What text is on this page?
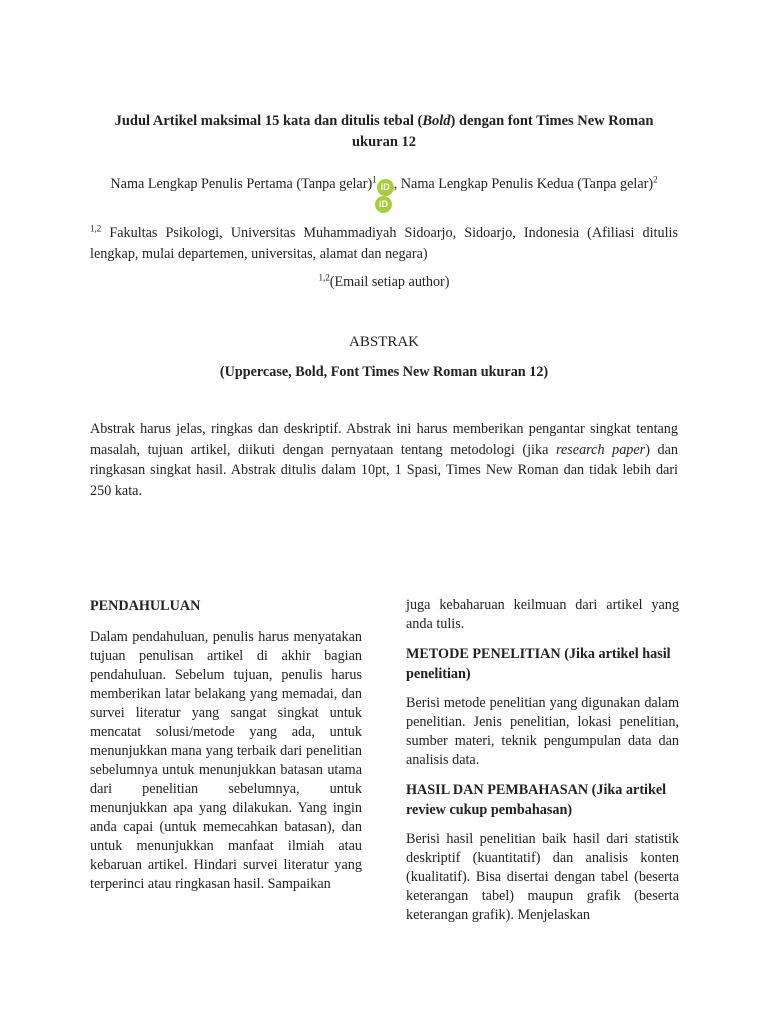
Judul Artikel maksimal 15 kata dan ditulis tebal (Bold) dengan font Times New Roman
ukuran 12
Nama Lengkap Penulis Pertama (Tanpa gelar)$^1$iD , Nama Lengkap Penulis Kedua (Tanpa gelar)$^2$
iD
$^{1,2}$ Fakultas Psikologi, Universitas Muhammadiyah Sidoarjo, Sidoarjo, Indonesia (Afiliasi ditulis lengkap, mulai departemen, universitas, alamat dan negara)
$^{1,2}$(Email setiap author)
ABSTRAK
(Uppercase, Bold, Font Times New Roman ukuran 12)
Abstrak harus jelas, ringkas dan deskriptif. Abstrak ini harus memberikan pengantar singkat tentang masalah, tujuan artikel, diikuti dengan pernyataan tentang metodologi (jika research paper) dan ringkasan singkat hasil. Abstrak ditulis dalam 10pt, 1 Spasi, Times New Roman dan tidak lebih dari 250 kata.
PENDAHULUAN

Dalam pendahuluan, penulis harus menyatakan tujuan penulisan artikel di akhir bagian pendahuluan. Sebelum tujuan, penulis harus memberikan latar belakang yang memadai, dan survei literatur yang sangat singkat untuk mencatat solusi/metode yang ada, untuk menunjukkan mana yang terbaik dari penelitian sebelumnya untuk menunjukkan batasan utama dari penelitian sebelumnya, untuk menunjukkan apa yang dilakukan. Yang ingin anda capai (untuk memecahkan batasan), dan untuk menunjukkan manfaat ilmiah atau kebaruan artikel. Hindari survei literatur yang terperinci atau ringkasan hasil. Sampaikan

juga kebaharuan keilmuan dari artikel yang anda tulis.

METODE PENELITIAN (Jika artikel hasil penelitian)

Berisi metode penelitian yang digunakan dalam penelitian. Jenis penelitian, lokasi penelitian, sumber materi, teknik pengumpulan data dan analisis data.

HASIL DAN PEMBAHASAN (Jika artikel review cukup pembahasan)

Berisi hasil penelitian baik hasil dari statistik deskriptif (kuantitatif) dan analisis konten (kualitatif). Bisa disertai dengan tabel (beserta keterangan tabel) maupun grafik (beserta keterangan grafik). Menjelaskan
